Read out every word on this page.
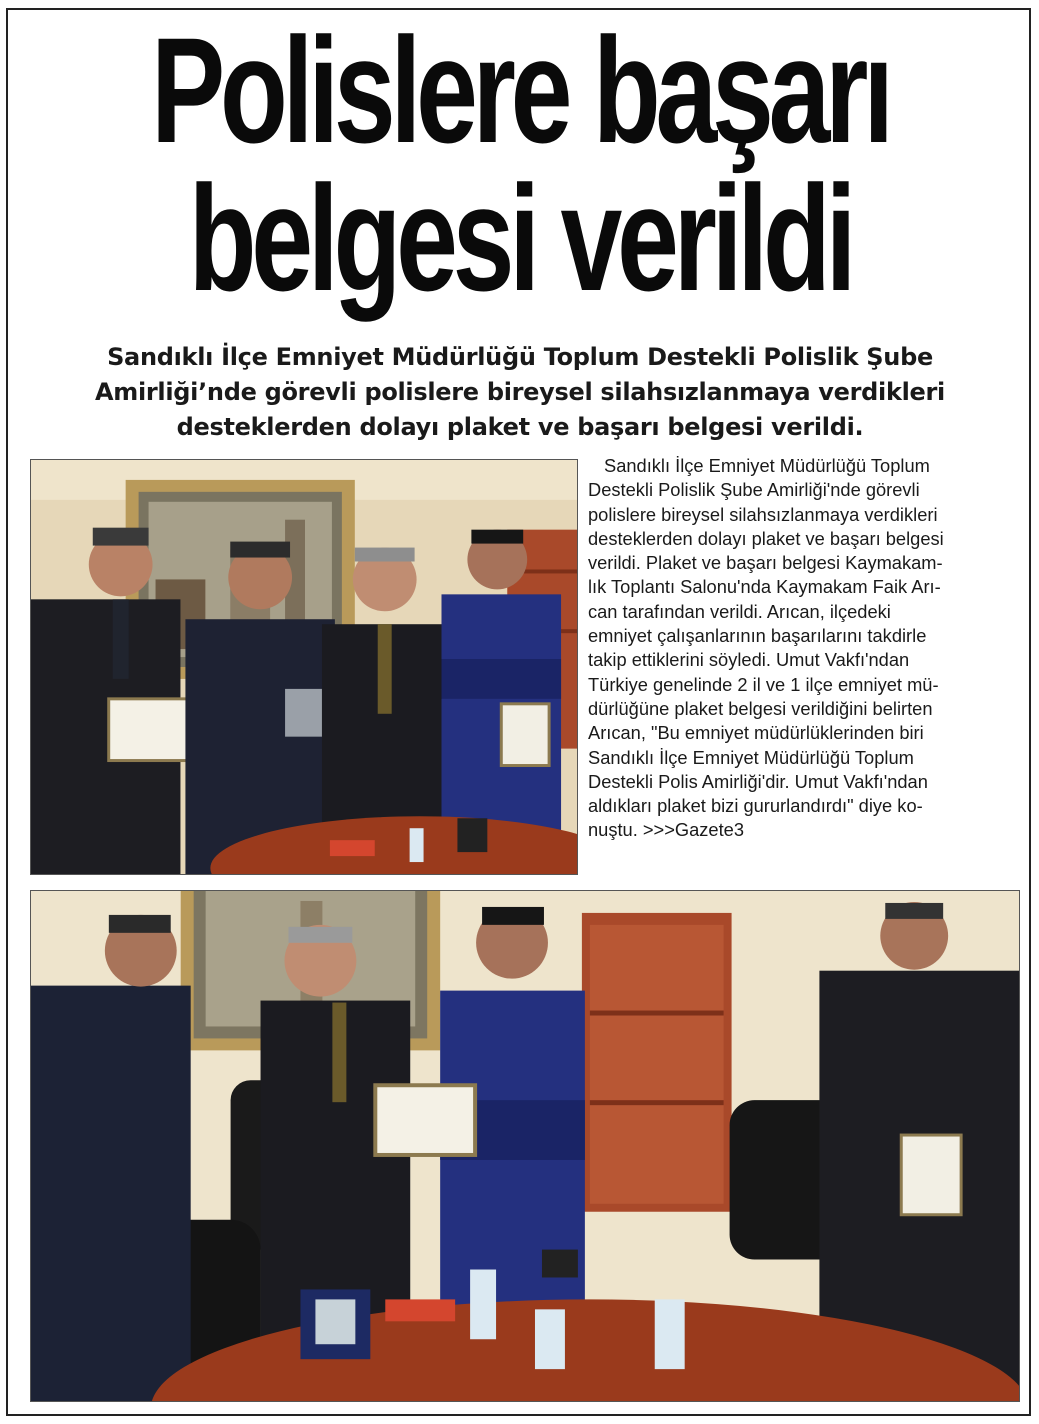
Polislere başarı
belgesi verildi
Sandıklı İlçe Emniyet Müdürlüğü Toplum Destekli Polislik Şube
Amirliği’nde görevli polislere bireysel silahsızlanmaya verdikleri
desteklerden dolayı plaket ve başarı belgesi verildi.
Sandıklı İlçe Emniyet Müdürlüğü Toplum
Destekli Polislik Şube Amirliği'nde görevli
polislere bireysel silahsızlanmaya verdikleri
desteklerden dolayı plaket ve başarı belgesi
verildi. Plaket ve başarı belgesi Kaymakam-
lık Toplantı Salonu'nda Kaymakam Faik Arı-
can tarafından verildi. Arıcan, ilçedeki
emniyet çalışanlarının başarılarını takdirle
takip ettiklerini söyledi. Umut Vakfı'ndan
Türkiye genelinde 2 il ve 1 ilçe emniyet mü-
dürlüğüne plaket belgesi verildiğini belirten
Arıcan, "Bu emniyet müdürlüklerinden biri
Sandıklı İlçe Emniyet Müdürlüğü Toplum
Destekli Polis Amirliği'dir. Umut Vakfı'ndan
aldıkları plaket bizi gururlandırdı" diye ko-
nuştu. >>>Gazete3
